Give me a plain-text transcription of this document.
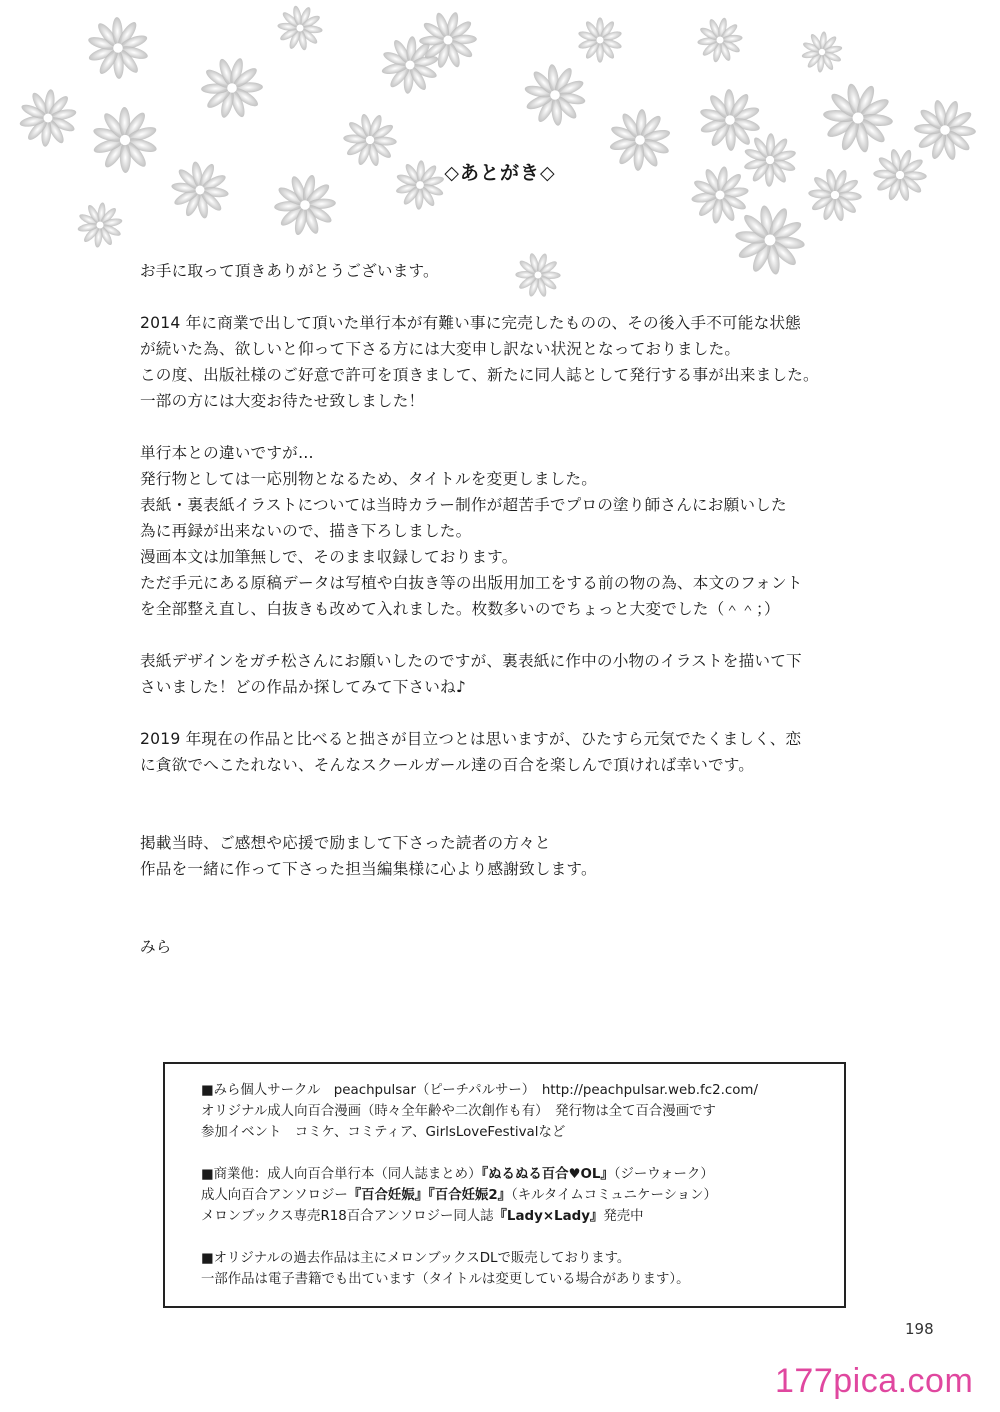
◇あとがき◇

お手に取って頂きありがとうございます。

2014 年に商業で出して頂いた単行本が有難い事に完売したものの、その後入手不可能な状態
が続いた為、欲しいと仰って下さる方には大変申し訳ない状況となっておりました。
この度、出版社様のご好意で許可を頂きまして、新たに同人誌として発行する事が出来ました。
一部の方には大変お待たせ致しました！

単行本との違いですが…
発行物としては一応別物となるため、タイトルを変更しました。
表紙・裏表紙イラストについては当時カラー制作が超苦手でプロの塗り師さんにお願いした
為に再録が出来ないので、描き下ろしました。
漫画本文は加筆無しで、そのまま収録しております。
ただ手元にある原稿データは写植や白抜き等の出版用加工をする前の物の為、本文のフォント
を全部整え直し、白抜きも改めて入れました。枚数多いのでちょっと大変でした（＾＾；）

表紙デザインをガチ松さんにお願いしたのですが、裏表紙に作中の小物のイラストを描いて下
さいました！どの作品か探してみて下さいね♪

2019 年現在の作品と比べると拙さが目立つとは思いますが、ひたすら元気でたくましく、恋
に貪欲でへこたれない、そんなスクールガール達の百合を楽しんで頂ければ幸いです。

掲載当時、ご感想や応援で励まして下さった読者の方々と
作品を一緒に作って下さった担当編集様に心より感謝致します。

みら

■みら個人サークル　peachpulsar（ピーチパルサー）　http://peachpulsar.web.fc2.com/
オリジナル成人向百合漫画（時々全年齢や二次創作も有）　発行物は全て百合漫画です
参加イベント　コミケ、コミティア、GirlsLoveFestivalなど

■商業他：成人向百合単行本（同人誌まとめ）『ぬるぬる百合♥OL』（ジーウォーク）
成人向百合アンソロジー『百合妊娠』『百合妊娠2』（キルタイムコミュニケーション）
メロンブックス専売R18百合アンソロジー同人誌『Lady×Lady』発売中

■オリジナルの過去作品は主にメロンブックスDLで販売しております。
一部作品は電子書籍でも出ています（タイトルは変更している場合があります）。

198
177pica.com
